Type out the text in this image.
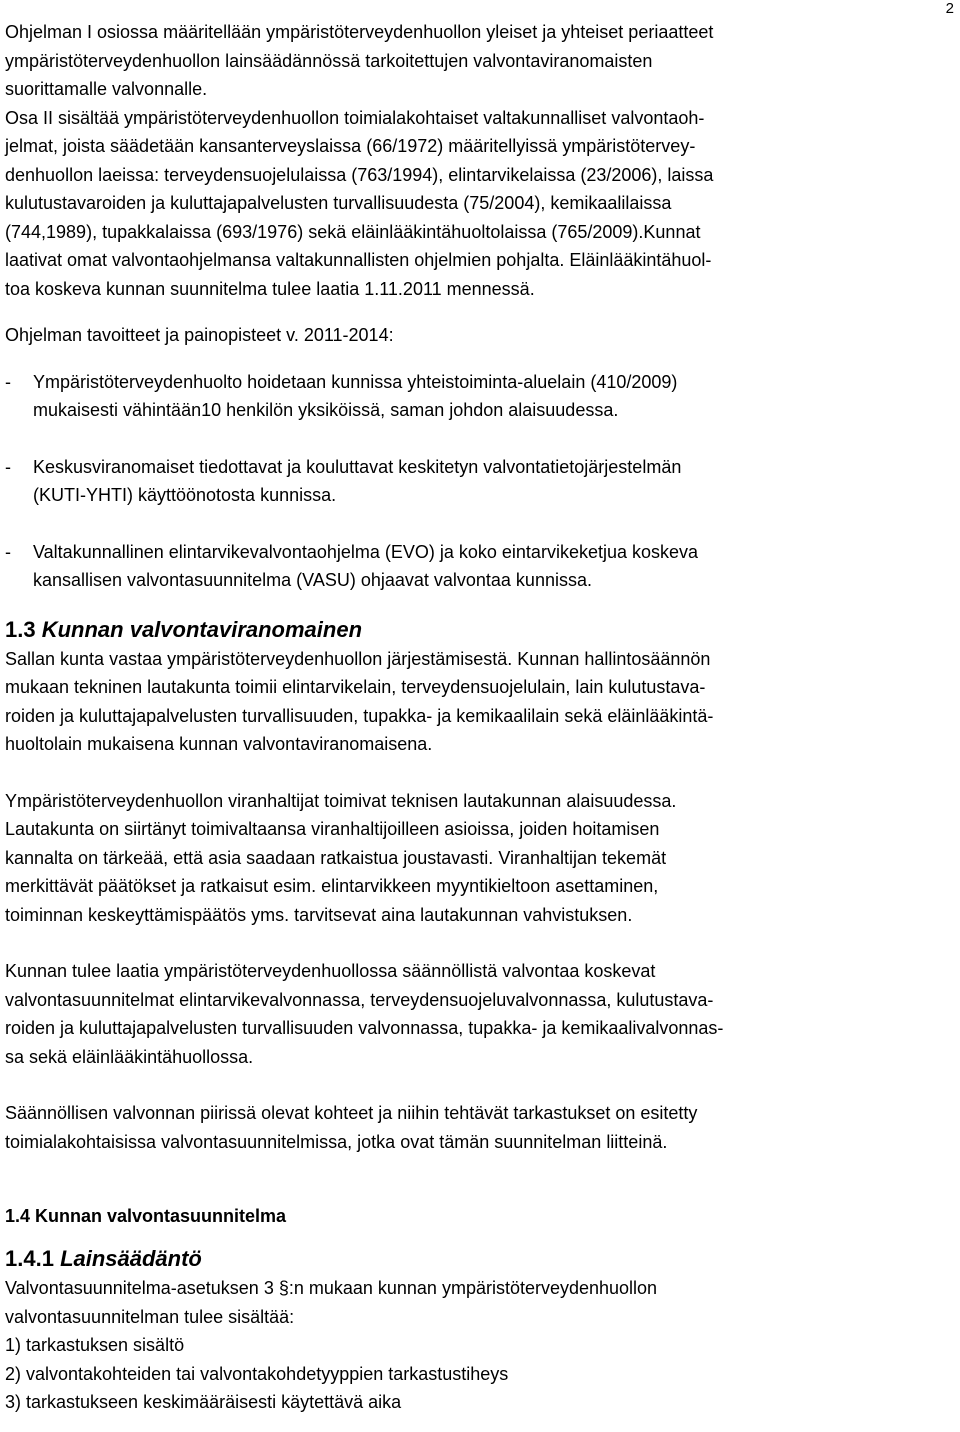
2

Ohjelman I osiossa määritellään ympäristöterveydenhuollon yleiset ja yhteiset periaatteet
ympäristöterveydenhuollon lainsäädännössä tarkoitettujen valvontaviranomaisten
suorittamalle valvonnalle.

Osa II sisältää ympäristöterveydenhuollon toimialakohtaiset valtakunnalliset valvontaoh-
jelmat, joista säädetään kansanterveyslaissa (66/1972) määritellyissä ympäristötervey-
denhuollon laeissa: terveydensuojelulaissa (763/1994), elintarvikelaissa (23/2006), laissa
kulutustavaroiden ja kuluttajapalvelusten turvallisuudesta (75/2004), kemikaalilaissa
(744,1989), tupakkalaissa (693/1976) sekä eläinlääkintähuoltolaissa (765/2009).Kunnat
laativat omat valvontaohjelmansa valtakunnallisten ohjelmien pohjalta. Eläinlääkintähuol-
toa koskeva kunnan suunnitelma tulee laatia 1.11.2011 mennessä.

Ohjelman tavoitteet ja painopisteet v. 2011-2014:

-	Ympäristöterveydenhuolto hoidetaan kunnissa yhteistoiminta-aluelain (410/2009)
mukaisesti vähintään10 henkilön yksiköissä, saman johdon alaisuudessa.
-	Keskusviranomaiset tiedottavat ja kouluttavat keskitetyn valvontatietojärjestelmän
(KUTI-YHTI) käyttöönotosta kunnissa.
-	Valtakunnallinen elintarvikevalvontaohjelma (EVO) ja koko eintarvikeketjua koskeva
kansallisen valvontasuunnitelma (VASU) ohjaavat valvontaa kunnissa.
1.3 Kunnan valvontaviranomainen

Sallan kunta vastaa ympäristöterveydenhuollon järjestämisestä. Kunnan hallintosäännön
mukaan tekninen lautakunta toimii elintarvikelain, terveydensuojelulain, lain kulutustava-
roiden ja kuluttajapalvelusten turvallisuuden, tupakka- ja kemikaalilain sekä eläinlääkintä-
huoltolain mukaisena kunnan valvontaviranomaisena.

Ympäristöterveydenhuollon viranhaltijat toimivat teknisen lautakunnan alaisuudessa.
Lautakunta on siirtänyt toimivaltaansa viranhaltijoilleen asioissa, joiden hoitamisen
kannalta on tärkeää, että asia saadaan ratkaistua joustavasti. Viranhaltijan tekemät
merkittävät päätökset ja ratkaisut esim. elintarvikkeen myyntikieltoon asettaminen,
toiminnan keskeyttämispäätös yms. tarvitsevat aina lautakunnan vahvistuksen.

Kunnan tulee laatia ympäristöterveydenhuollossa säännöllistä valvontaa koskevat
valvontasuunnitelmat elintarvikevalvonnassa, terveydensuojeluvalvonnassa, kulutustava-
roiden ja kuluttajapalvelusten turvallisuuden valvonnassa, tupakka- ja kemikaalivalvonnas-
sa sekä eläinlääkintähuollossa.

Säännöllisen valvonnan piirissä olevat kohteet ja niihin tehtävät tarkastukset on esitetty
toimialakohtaisissa valvontasuunnitelmissa, jotka ovat tämän suunnitelman liitteinä.

1.4 Kunnan valvontasuunnitelma
1.4.1 Lainsäädäntö

Valvontasuunnitelma-asetuksen 3 §:n mukaan kunnan ympäristöterveydenhuollon
valvontasuunnitelman tulee sisältää:
1) tarkastuksen sisältö
2) valvontakohteiden tai valvontakohdetyyppien tarkastustiheys
3) tarkastukseen keskimääräisesti käytettävä aika
